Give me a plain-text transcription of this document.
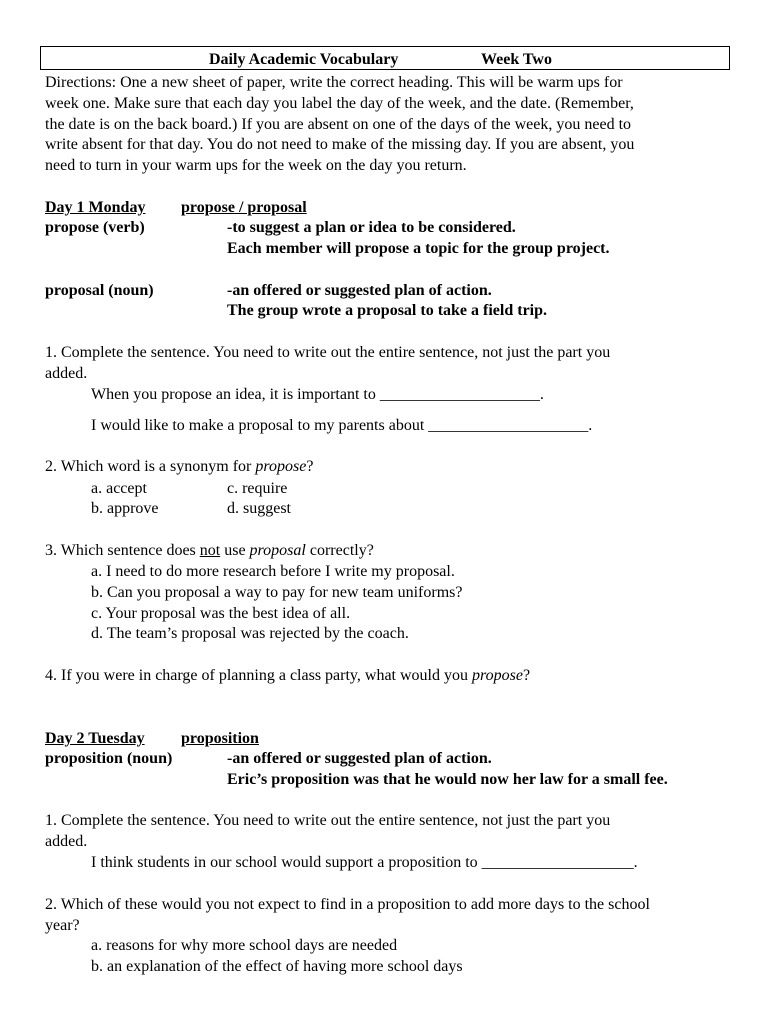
Daily Academic Vocabulary	Week Two
Directions: One a new sheet of paper, write the correct heading. This will be warm ups for
week one. Make sure that each day you label the day of the week, and the date. (Remember,
the date is on the back board.) If you are absent on one of the days of the week, you need to
write absent for that day. You do not need to make of the missing day. If you are absent, you
need to turn in your warm ups for the week on the day you return.
Day 1 Monday propose / proposal
propose (verb)	-to suggest a plan or idea to be considered.
Each member will propose a topic for the group project.
proposal (noun)	-an offered or suggested plan of action.
The group wrote a proposal to take a field trip.
1. Complete the sentence. You need to write out the entire sentence, not just the part you
added.
When you propose an idea, it is important to ____________________.
I would like to make a proposal to my parents about ____________________.
2. Which word is a synonym for propose?
a. accept
b. approve
c. require
d. suggest
3. Which sentence does not use proposal correctly?
a. I need to do more research before I write my proposal.
b. Can you proposal a way to pay for new team uniforms?
c. Your proposal was the best idea of all.
d. The team’s proposal was rejected by the coach.
4. If you were in charge of planning a class party, what would you propose?
Day 2 Tuesday proposition
proposition (noun)	-an offered or suggested plan of action.
Eric’s proposition was that he would now her law for a small fee.
1. Complete the sentence. You need to write out the entire sentence, not just the part you
added.
I think students in our school would support a proposition to ___________________.
2. Which of these would you not expect to find in a proposition to add more days to the school
year?
a. reasons for why more school days are needed
b. an explanation of the effect of having more school days
